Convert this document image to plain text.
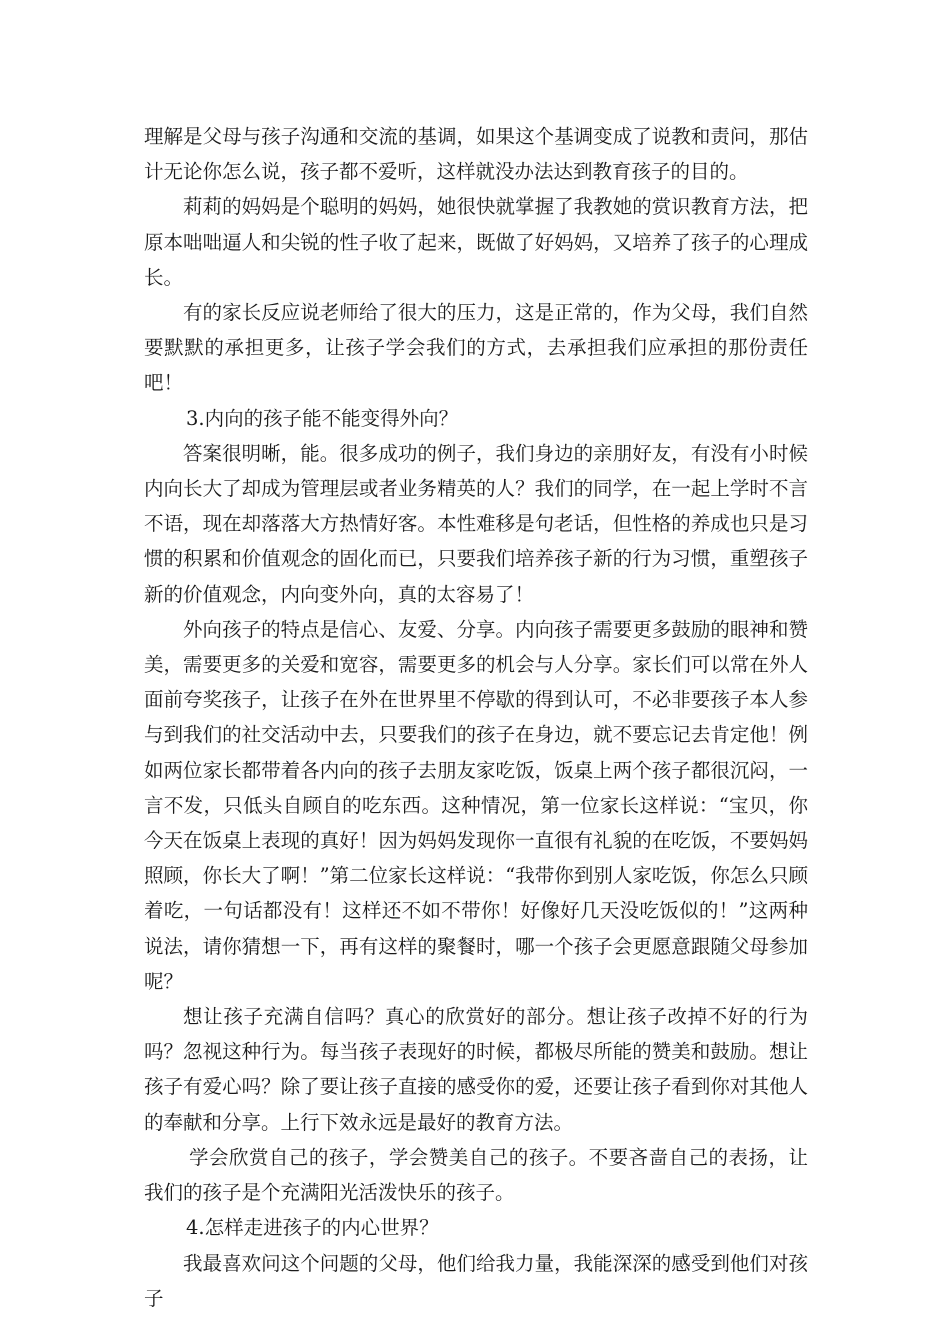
理解是父母与孩子沟通和交流的基调，如果这个基调变成了说教和责问，那估计无论你怎么说，孩子都不爱听，这样就没办法达到教育孩子的目的。

莉莉的妈妈是个聪明的妈妈，她很快就掌握了我教她的赏识教育方法，把原本咄咄逼人和尖锐的性子收了起来，既做了好妈妈，又培养了孩子的心理成长。

有的家长反应说老师给了很大的压力，这是正常的，作为父母，我们自然要默默的承担更多，让孩子学会我们的方式，去承担我们应承担的那份责任吧！

3.内向的孩子能不能变得外向？

答案很明晰，能。很多成功的例子，我们身边的亲朋好友，有没有小时候内向长大了却成为管理层或者业务精英的人？我们的同学，在一起上学时不言不语，现在却落落大方热情好客。本性难移是句老话，但性格的养成也只是习惯的积累和价值观念的固化而已，只要我们培养孩子新的行为习惯，重塑孩子新的价值观念，内向变外向，真的太容易了！

外向孩子的特点是信心、友爱、分享。内向孩子需要更多鼓励的眼神和赞美，需要更多的关爱和宽容，需要更多的机会与人分享。家长们可以常在外人面前夸奖孩子，让孩子在外在世界里不停歇的得到认可，不必非要孩子本人参与到我们的社交活动中去，只要我们的孩子在身边，就不要忘记去肯定他！例如两位家长都带着各内向的孩子去朋友家吃饭，饭桌上两个孩子都很沉闷，一言不发，只低头自顾自的吃东西。这种情况，第一位家长这样说：“宝贝，你今天在饭桌上表现的真好！因为妈妈发现你一直很有礼貌的在吃饭，不要妈妈照顾，你长大了啊！”第二位家长这样说：“我带你到别人家吃饭，你怎么只顾着吃，一句话都没有！这样还不如不带你！好像好几天没吃饭似的！”这两种说法，请你猜想一下，再有这样的聚餐时，哪一个孩子会更愿意跟随父母参加呢？

想让孩子充满自信吗？真心的欣赏好的部分。想让孩子改掉不好的行为吗？忽视这种行为。每当孩子表现好的时候，都极尽所能的赞美和鼓励。想让孩子有爱心吗？除了要让孩子直接的感受你的爱，还要让孩子看到你对其他人的奉献和分享。上行下效永远是最好的教育方法。

学会欣赏自己的孩子，学会赞美自己的孩子。不要吝啬自己的表扬，让我们的孩子是个充满阳光活泼快乐的孩子。

4.怎样走进孩子的内心世界？

我最喜欢问这个问题的父母，他们给我力量，我能深深的感受到他们对孩子
